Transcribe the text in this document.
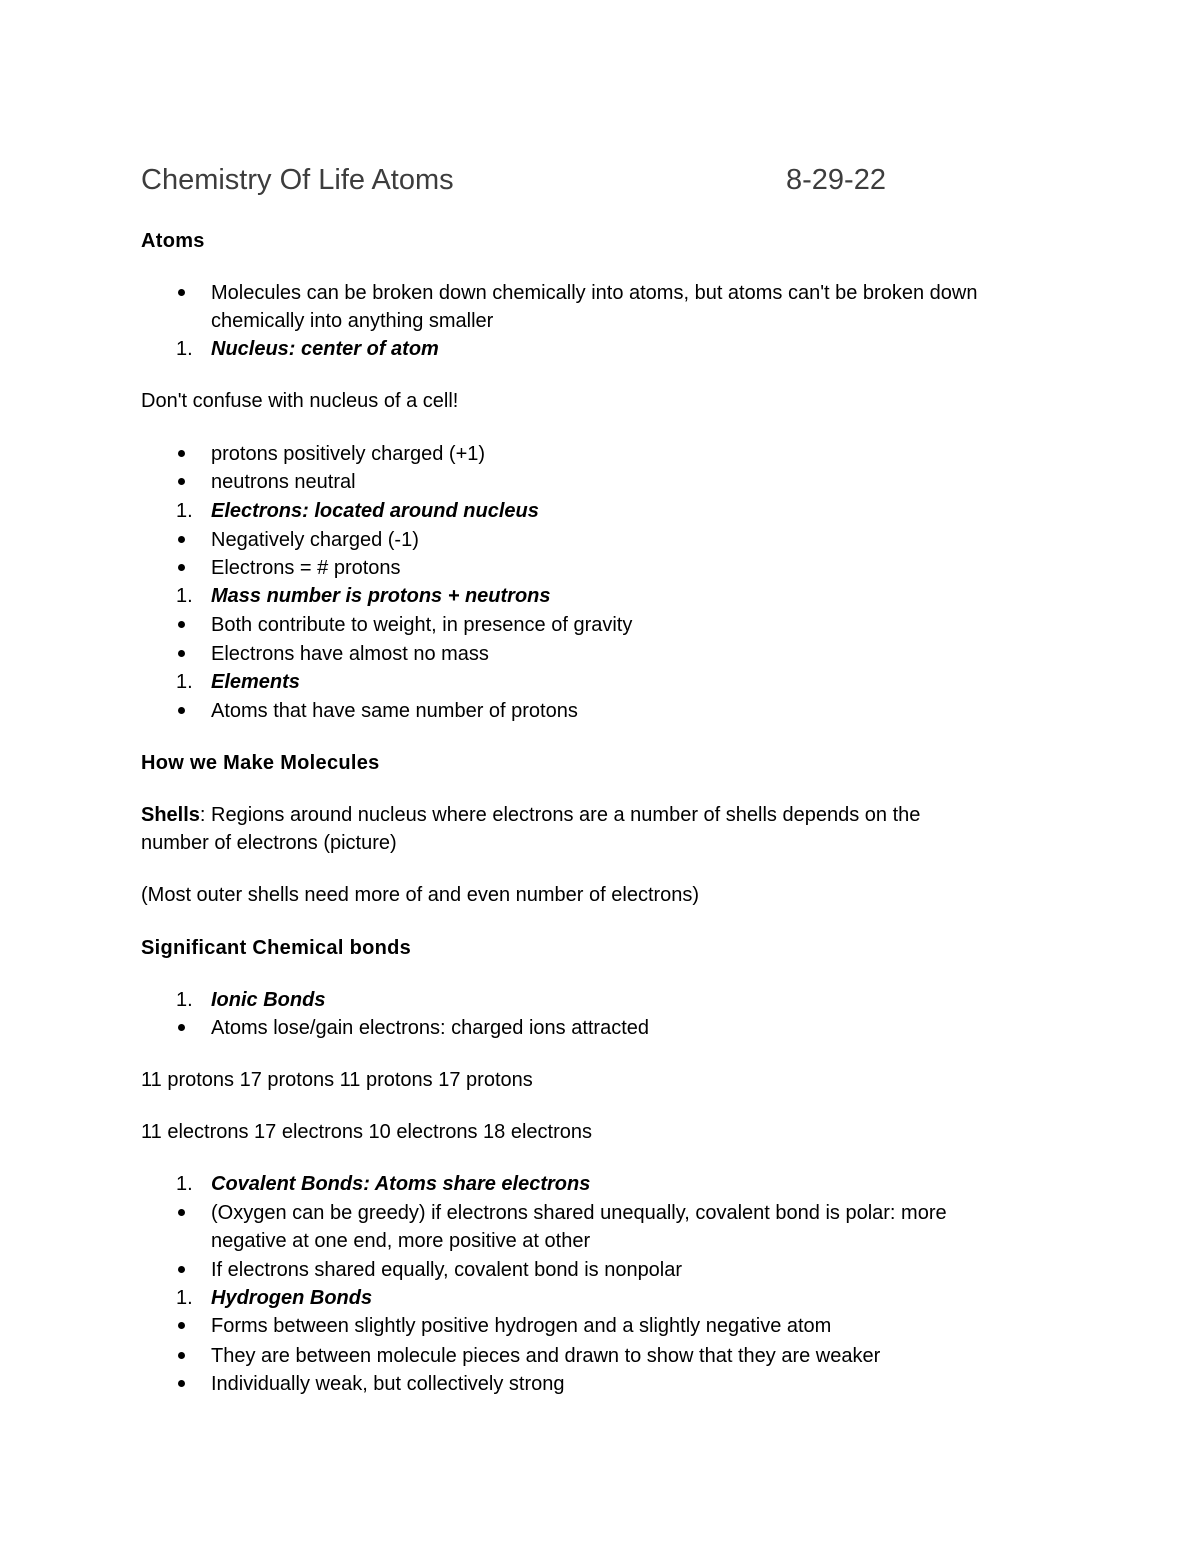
Chemistry Of Life Atoms	8-29-22
Atoms
Molecules can be broken down chemically into atoms, but atoms can't be broken down
chemically into anything smaller
1. Nucleus: center of atom
Don't confuse with nucleus of a cell!
protons positively charged (+1)
neutrons neutral
1. Electrons: located around nucleus
Negatively charged (-1)
Electrons = # protons
1. Mass number is protons + neutrons
Both contribute to weight, in presence of gravity
Electrons have almost no mass
1. Elements
Atoms that have same number of protons
How we Make Molecules
Shells: Regions around nucleus where electrons are a number of shells depends on the
number of electrons (picture)
(Most outer shells need more of and even number of electrons)
Significant Chemical bonds
1. Ionic Bonds
Atoms lose/gain electrons: charged ions attracted
11 protons 17 protons 11 protons 17 protons
11 electrons 17 electrons 10 electrons 18 electrons
1. Covalent Bonds: Atoms share electrons
(Oxygen can be greedy) if electrons shared unequally, covalent bond is polar: more
negative at one end, more positive at other
If electrons shared equally, covalent bond is nonpolar
1. Hydrogen Bonds
Forms between slightly positive hydrogen and a slightly negative atom
They are between molecule pieces and drawn to show that they are weaker
Individually weak, but collectively strong
